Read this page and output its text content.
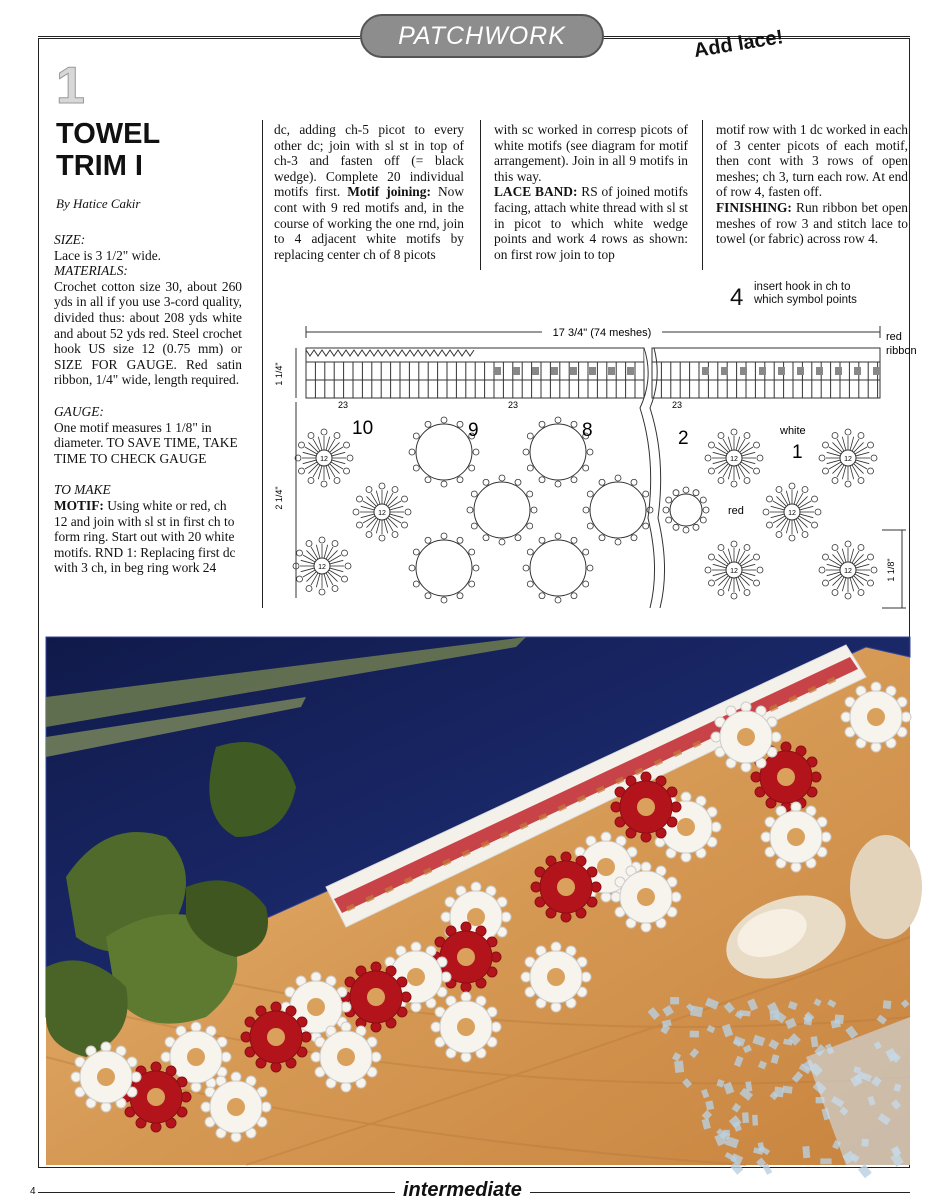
PATCHWORK	Add lace!
1
TOWEL
TRIM I
By Hatice Cakir

SIZE:
Lace is 3 1/2" wide.
MATERIALS:

Crochet cotton size 30, about 260 yds in all if you use 3-cord quality, divided thus: about 208 yds white and about 52 yds red. Steel crochet hook US size 12 (0.75 mm) or SIZE FOR GAUGE. Red satin ribbon, 1/4" wide, length required.

GAUGE:
One motif measures 1 1/8" in diameter. TO SAVE TIME, TAKE TIME TO CHECK GAUGE

TO MAKE
MOTIF: Using white or red, ch 12 and join with sl st in first ch to form ring. Start out with 20 white motifs. RND 1: Replacing first dc with 3 ch, in beg ring work 24

dc, adding ch-5 picot to every other dc; join with sl st in top of ch-3 and fasten off (= black wedge). Complete 20 individual motifs first. Motif joining: Now cont with 9 red motifs and, in the course of working the one rnd, join to 4 adjacent white motifs by replacing center ch of 8 picots
with sc worked in corresp picots of white motifs (see diagram for motif arrangement). Join in all 9 motifs in this way.
LACE BAND: RS of joined motifs facing, attach white thread with sl st in picot to which white wedge points and work 4 rows as shown: on first row join to top
motif row with 1 dc worked in each of 3 center picots of each motif, then cont with 3 rows of open meshes; ch 3, turn each row. At end of row 4, fasten off.
FINISHING: Run ribbon bet open meshes of row 3 and stitch lace to towel (or fabric) across row 4.
4 insert hook in ch to
which symbol points
17 3/4" (74 meshes)	red
ribbon
23	23	23
1 1/4"
2 1/4"
1 1/8"
12
12
12
12
12
12
12
12
10	9	8	2
1
white
red
intermediate
4
